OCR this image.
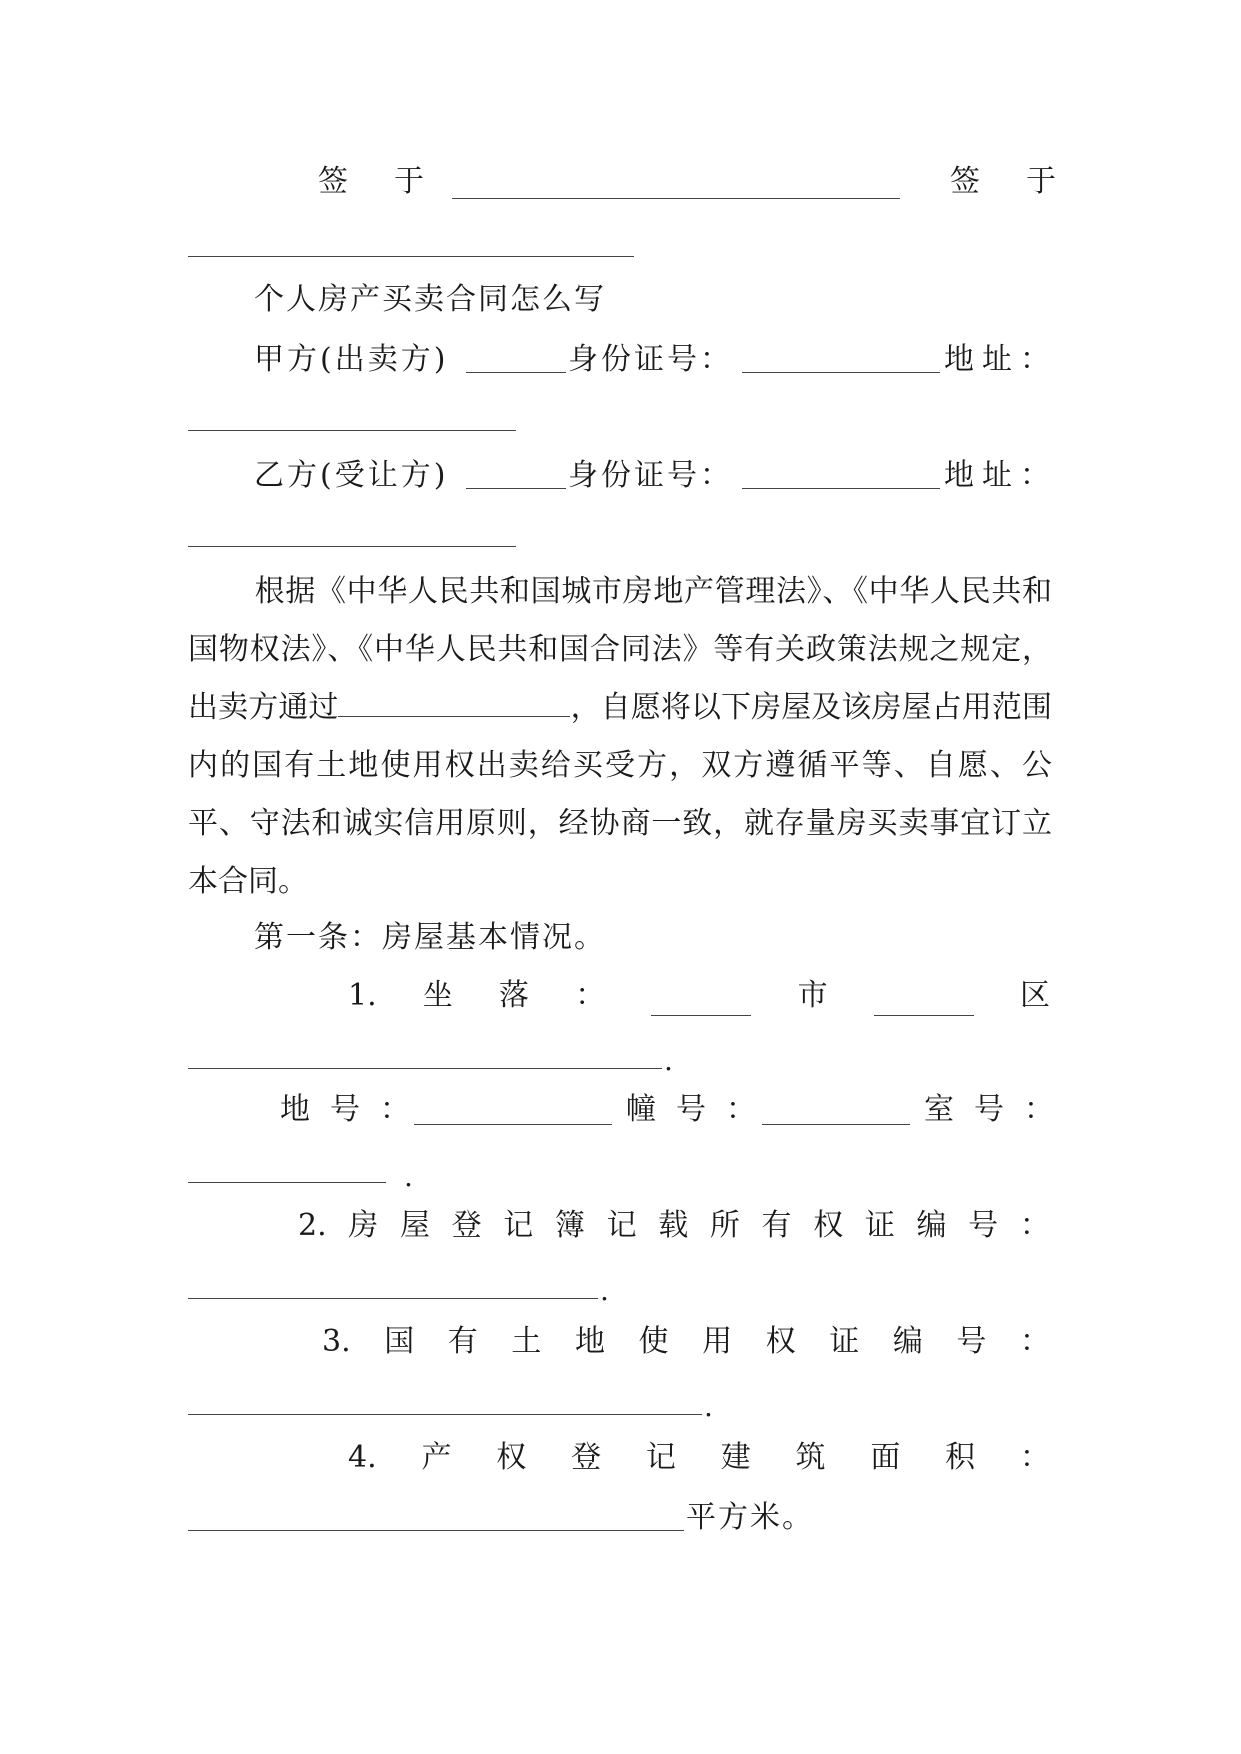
签　于	签　于
个人房产买卖合同怎么写
甲方(出卖方)	身份证号：	地址：
乙方(受让方)	身份证号：	地址：
根据《中华人民共和国城市房地产管理法》、《中华人民共和国物权法》、《中华人民共和国合同法》等有关政策法规之规定，出卖方通过	，自愿将以下房屋及该房屋占用范围内的国有土地使用权出卖给买受方，双方遵循平等、自愿、公平、守法和诚实信用原则，经协商一致，就存量房买卖事宜订立本合同。
第一条：房屋基本情况。
1. 坐 落 ：	市	区
.
地号：	幢号：	室号：
.
2. 房 屋 登 记 簿 记 载 所 有 权 证 编 号 ：
.
3. 国 有 土 地 使 用 权 证 编 号 ：
.
4. 产 权 登 记 建 筑 面 积 ：
平方米。
